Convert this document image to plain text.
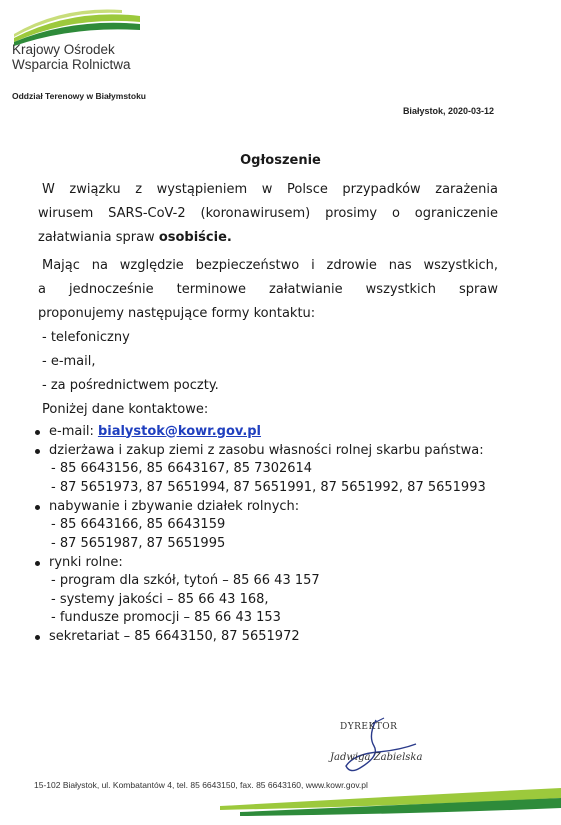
Krajowy Ośrodek
Wsparcia Rolnictwa
Oddział Terenowy w Białymstoku
Białystok, 2020-03-12
Ogłoszenie
W związku z wystąpieniem w Polsce przypadków zarażenia
wirusem SARS-CoV-2 (koronawirusem) prosimy o ograniczenie
załatwiania spraw osobiście.
Mając na względzie bezpieczeństwo i zdrowie nas wszystkich,
a jednocześnie terminowe załatwianie wszystkich spraw
proponujemy następujące formy kontaktu:
- telefoniczny
- e-mail,
- za pośrednictwem poczty.
Poniżej dane kontaktowe:
e-mail: bialystok@kowr.gov.pl
dzierżawa i zakup ziemi z zasobu własności rolnej skarbu państwa:
- 85 6643156, 85 6643167, 85 7302614
- 87 5651973, 87 5651994, 87 5651991, 87 5651992, 87 5651993
nabywanie i zbywanie działek rolnych:
- 85 6643166, 85 6643159
- 87 5651987, 87 5651995
rynki rolne:
- program dla szkół, tytoń – 85 66 43 157
- systemy jakości – 85 66 43 168,
- fundusze promocji – 85 66 43 153
sekretariat – 85 6643150, 87 5651972
DYREKTOR
Jadwiga Zabielska
15-102 Białystok, ul. Kombatantów 4, tel. 85 6643150, fax. 85 6643160, www.kowr.gov.pl
